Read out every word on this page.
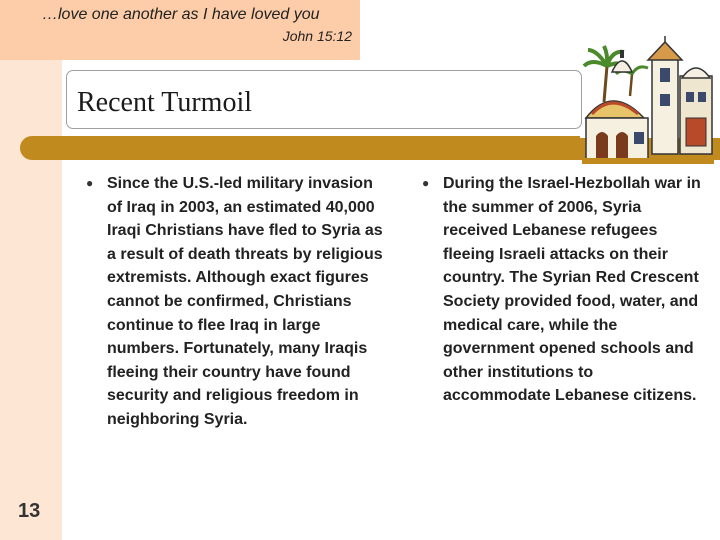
…love one another as I have loved you
John 15:12
Recent Turmoil
● Since the U.S.-led military invasion of Iraq in 2003, an estimated 40,000 Iraqi Christians have fled to Syria as a result of death threats by religious extremists. Although exact figures cannot be confirmed, Christians continue to flee Iraq in large numbers. Fortunately, many Iraqis fleeing their country have found security and religious freedom in neighboring Syria.
● During the Israel-Hezbollah war in the summer of 2006, Syria received Lebanese refugees fleeing Israeli attacks on their country. The Syrian Red Crescent Society provided food, water, and medical care, while the government opened schools and other institutions to accommodate Lebanese citizens.
13
